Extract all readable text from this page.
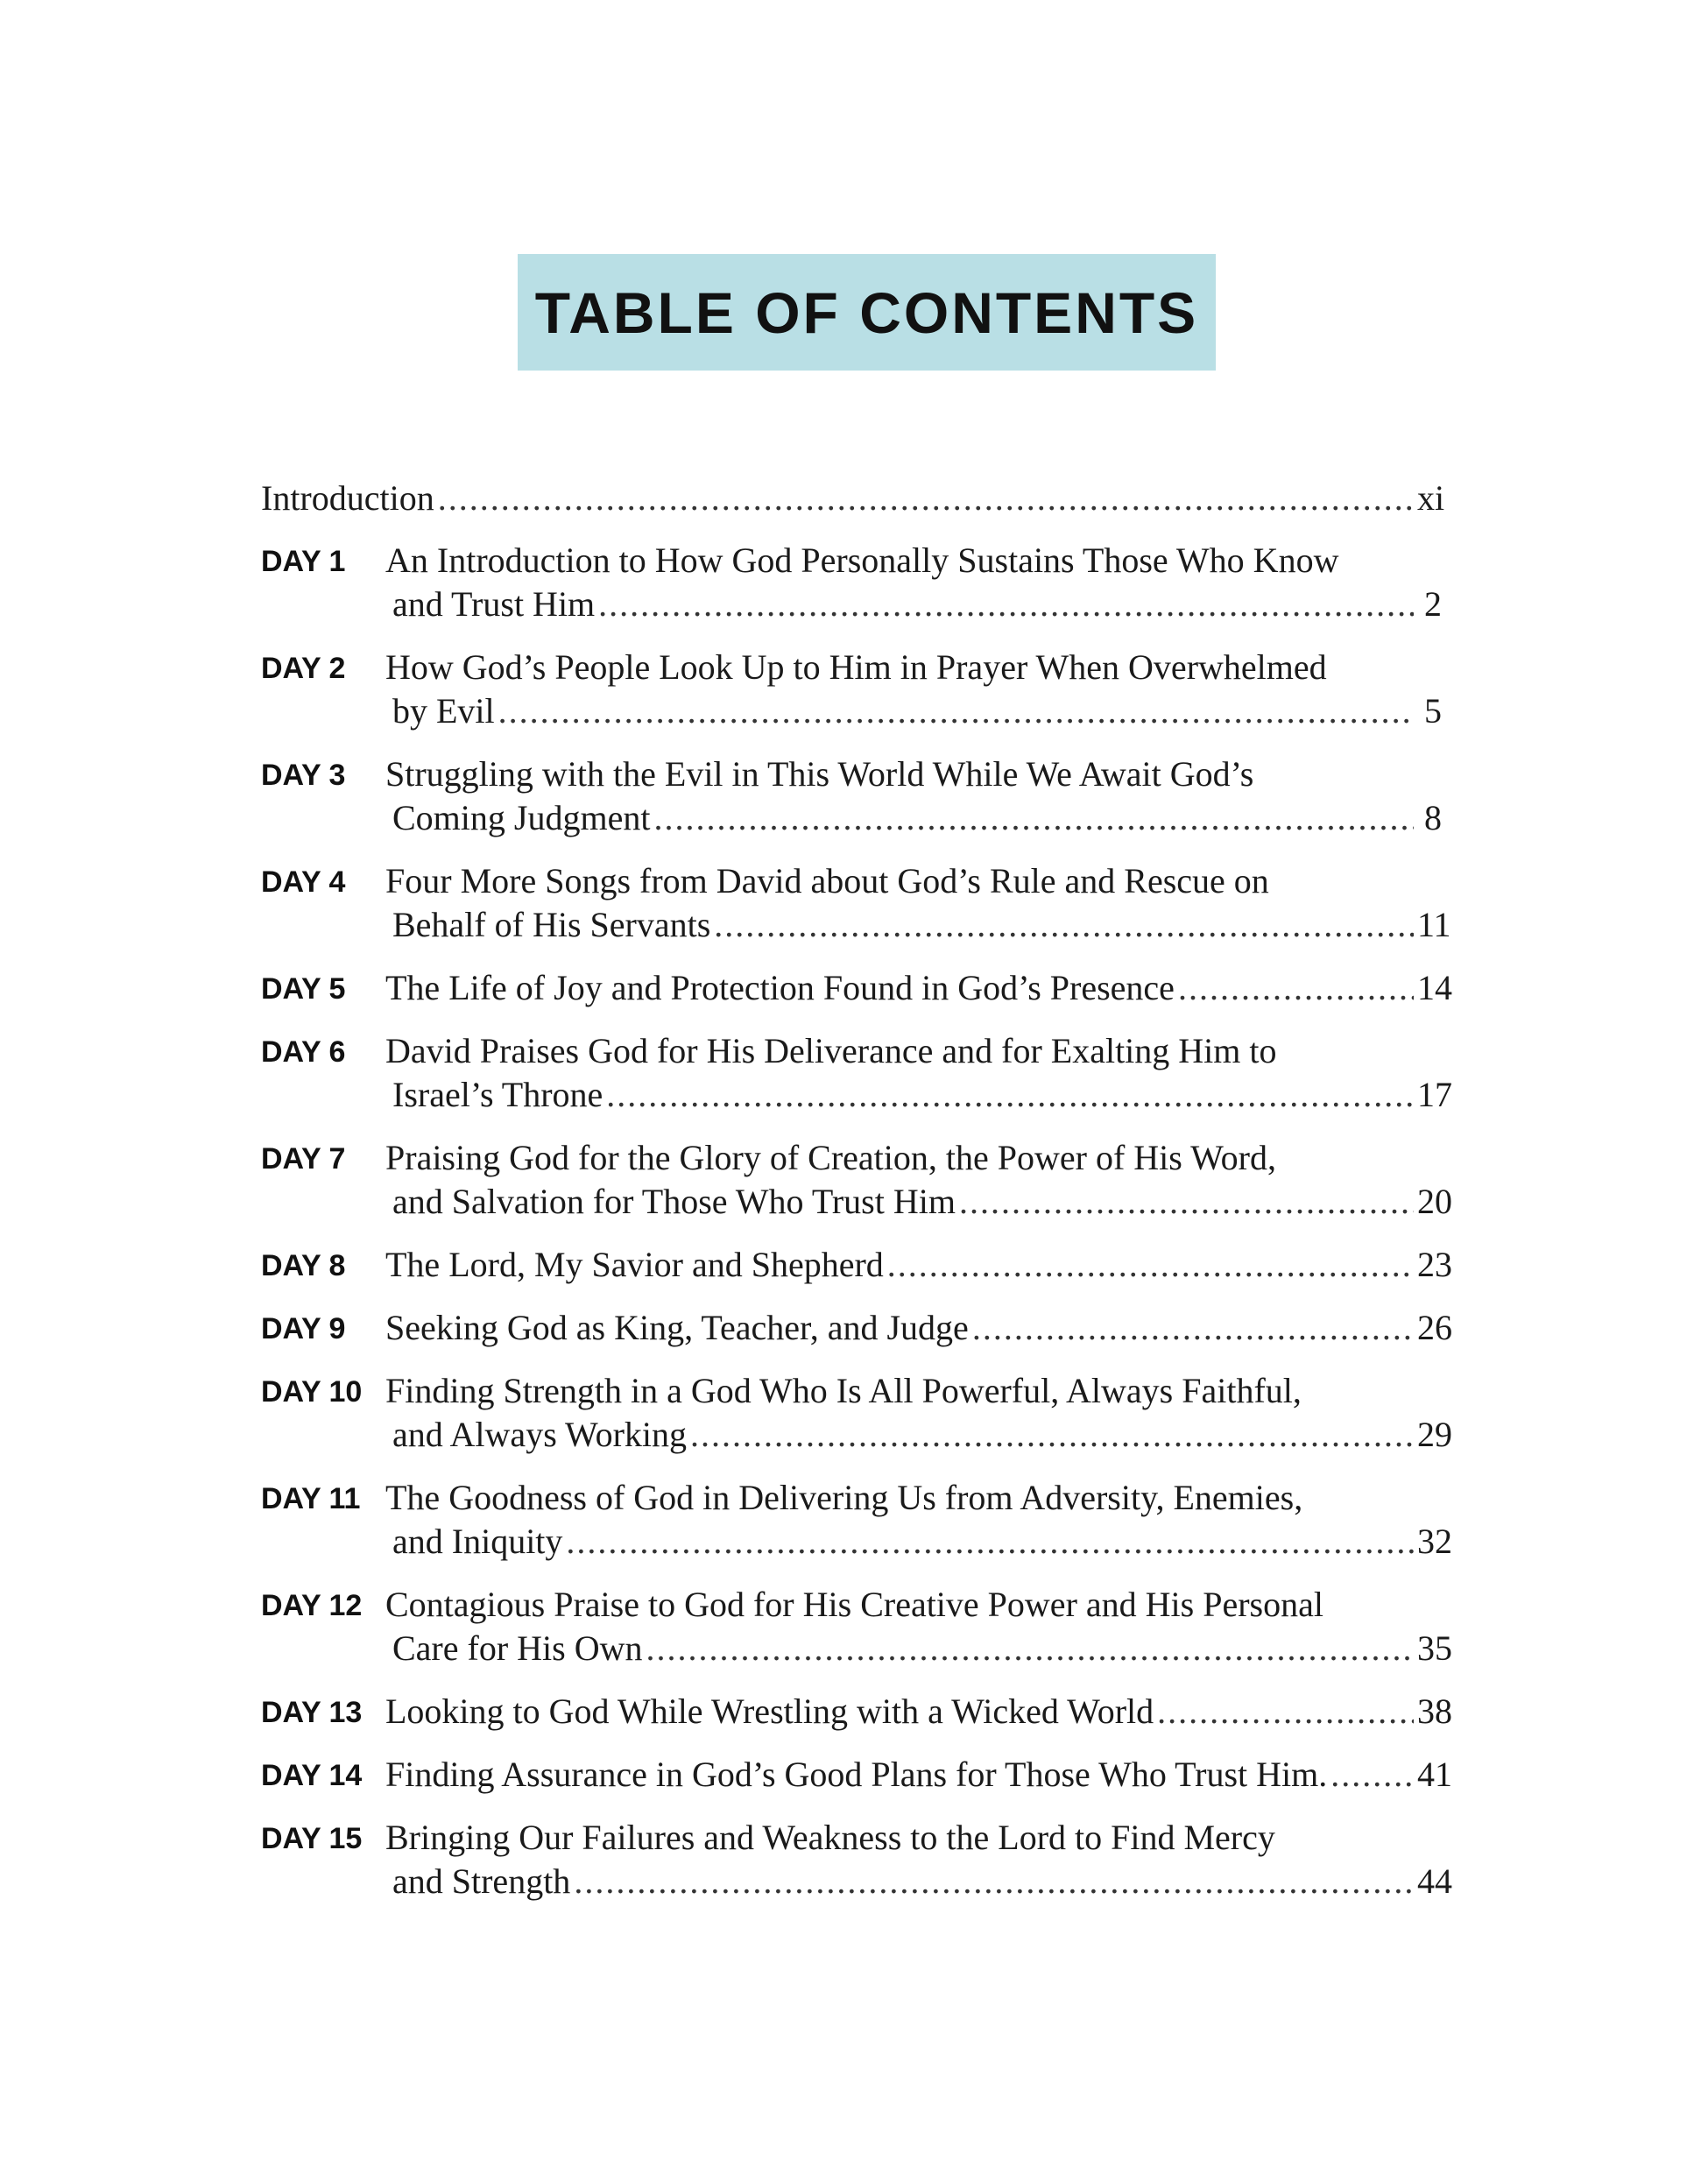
TABLE OF CONTENTS
Introduction .....	xi
DAY 1	An Introduction to How God Personally Sustains Those Who Know
and Trust Him .....	2
DAY 2	How God’s People Look Up to Him in Prayer When Overwhelmed
by Evil .....	5
DAY 3	Struggling with the Evil in This World While We Await God’s
Coming Judgment .....	8
DAY 4	Four More Songs from David about God’s Rule and Rescue on
Behalf of His Servants .....	11
DAY 5	The Life of Joy and Protection Found in God’s Presence .....	14
DAY 6	David Praises God for His Deliverance and for Exalting Him to
Israel’s Throne .....	17
DAY 7	Praising God for the Glory of Creation, the Power of His Word,
and Salvation for Those Who Trust Him .....	20
DAY 8	The Lord, My Savior and Shepherd .....	23
DAY 9	Seeking God as King, Teacher, and Judge .....	26
DAY 10 Finding Strength in a God Who Is All Powerful, Always Faithful,
and Always Working .....	29
DAY 11 The Goodness of God in Delivering Us from Adversity, Enemies,
and Iniquity .....	32
DAY 12 Contagious Praise to God for His Creative Power and His Personal
Care for His Own .....	35
DAY 13 Looking to God While Wrestling with a Wicked World .....	38
DAY 14 Finding Assurance in God’s Good Plans for Those Who Trust Him. .....	41
DAY 15 Bringing Our Failures and Weakness to the Lord to Find Mercy
and Strength .....	44
